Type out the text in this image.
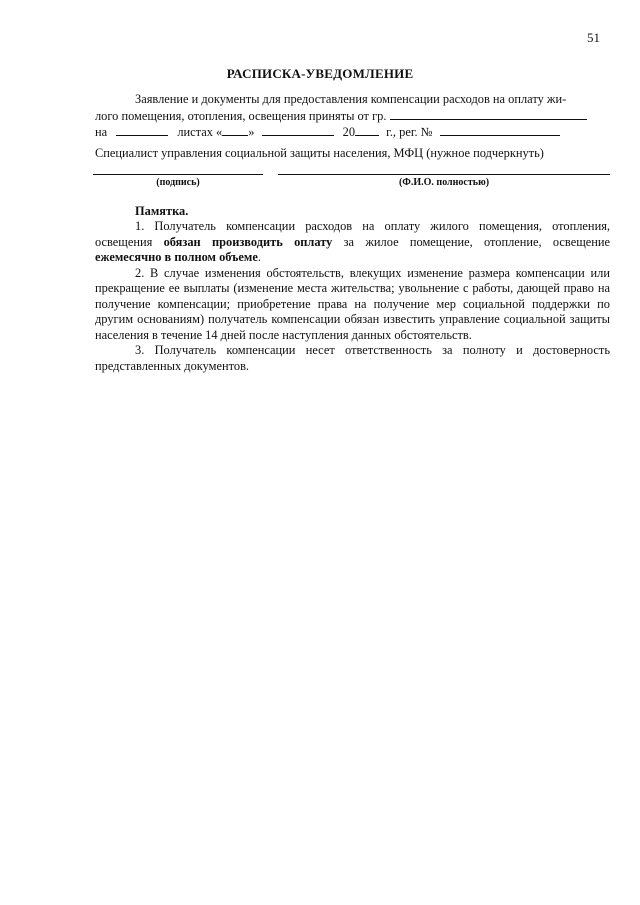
51
РАСПИСКА-УВЕДОМЛЕНИЕ
Заявление и документы для предоставления компенсации расходов на оплату жи-
лого помещения, отопления, освещения приняты от гр.
на	листах « »	20	г., рег. №
Специалист управления социальной защиты населения, МФЦ (нужное подчеркнуть)
(подпись)	(Ф.И.О. полностью)
Памятка.

1. Получатель компенсации расходов на оплату жилого помещения, отопления, освещения обязан производить оплату за жилое помещение, отопление, освещение ежемесячно в полном объеме.

2. В случае изменения обстоятельств, влекущих изменение размера компенсации или прекращение ее выплаты (изменение места жительства; увольнение с работы, дающей право на получение компенсации; приобретение права на получение мер социальной поддержки по другим основаниям) получатель компенсации обязан известить управление социальной защиты населения в течение 14 дней после наступления данных обстоятельств.

3. Получатель компенсации несет ответственность за полноту и достоверность представленных документов.
